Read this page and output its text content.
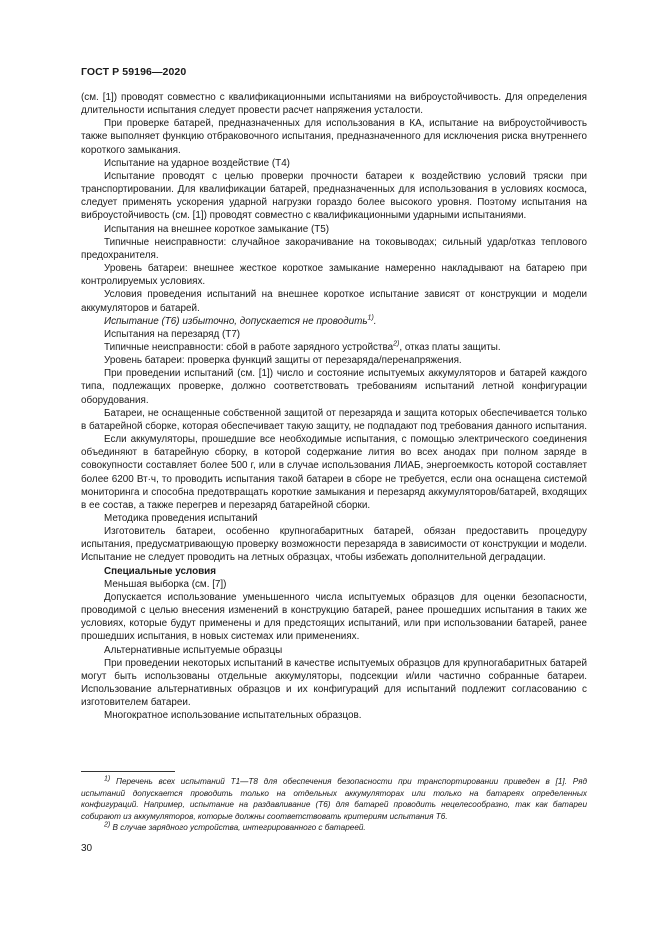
ГОСТ Р 59196—2020

(см. [1]) проводят совместно с квалификационными испытаниями на виброустойчивость. Для определения длительности испытания следует провести расчет напряжения усталости.

При проверке батарей, предназначенных для использования в КА, испытание на виброустойчивость также выполняет функцию отбраковочного испытания, предназначенного для исключения риска внутреннего короткого замыкания.

Испытание на ударное воздействие (Т4)

Испытание проводят с целью проверки прочности батареи к воздействию условий тряски при транспортировании. Для квалификации батарей, предназначенных для использования в условиях космоса, следует применять ускорения ударной нагрузки гораздо более высокого уровня. Поэтому испытания на виброустойчивость (см. [1]) проводят совместно с квалификационными ударными испытаниями.

Испытания на внешнее короткое замыкание (Т5)

Типичные неисправности: случайное закорачивание на токовыводах; сильный удар/отказ теплового предохранителя.

Уровень батареи: внешнее жесткое короткое замыкание намеренно накладывают на батарею при контролируемых условиях.

Условия проведения испытаний на внешнее короткое испытание зависят от конструкции и модели аккумуляторов и батарей.

Испытание (Т6) избыточно, допускается не проводить$^{1)}$.

Испытания на перезаряд (Т7)

Типичные неисправности: сбой в работе зарядного устройства$^{2)}$, отказ платы защиты.

Уровень батареи: проверка функций защиты от перезаряда/перенапряжения.

При проведении испытаний (см. [1]) число и состояние испытуемых аккумуляторов и батарей каждого типа, подлежащих проверке, должно соответствовать требованиям испытаний летной конфигурации оборудования.

Батареи, не оснащенные собственной защитой от перезаряда и защита которых обеспечивается только в батарейной сборке, которая обеспечивает такую защиту, не подпадают под требования данного испытания.

Если аккумуляторы, прошедшие все необходимые испытания, с помощью электрического соединения объединяют в батарейную сборку, в которой содержание лития во всех анодах при полном заряде в совокупности составляет более 500 г, или в случае использования ЛИАБ, энергоемкость которой составляет более 6200 Вт·ч, то проводить испытания такой батареи в сборе не требуется, если она оснащена системой мониторинга и способна предотвращать короткие замыкания и перезаряд аккумуляторов/батарей, входящих в ее состав, а также перегрев и перезаряд батарейной сборки.

Методика проведения испытаний

Изготовитель батареи, особенно крупногабаритных батарей, обязан предоставить процедуру испытания, предусматривающую проверку возможности перезаряда в зависимости от конструкции и модели. Испытание не следует проводить на летных образцах, чтобы избежать дополнительной деградации.

Специальные условия

Меньшая выборка (см. [7])

Допускается использование уменьшенного числа испытуемых образцов для оценки безопасности, проводимой с целью внесения изменений в конструкцию батарей, ранее прошедших испытания в таких же условиях, которые будут применены и для предстоящих испытаний, или при использовании батарей, ранее прошедших испытания, в новых системах или применениях.

Альтернативные испытуемые образцы

При проведении некоторых испытаний в качестве испытуемых образцов для крупногабаритных батарей могут быть использованы отдельные аккумуляторы, подсекции и/или частично собранные батареи. Использование альтернативных образцов и их конфигураций для испытаний подлежит согласованию с изготовителем батареи.

Многократное использование испытательных образцов.

$^{1)}$ Перечень всех испытаний Т1—Т8 для обеспечения безопасности при транспортировании приведен в [1]. Ряд испытаний допускается проводить только на отдельных аккумуляторах или только на батареях определенных конфигураций. Например, испытание на раздавливание (Т6) для батарей проводить нецелесообразно, так как батареи собирают из аккумуляторов, которые должны соответствовать критериям испытания Т6.

$^{2)}$ В случае зарядного устройства, интегрированного с батареей.

30
